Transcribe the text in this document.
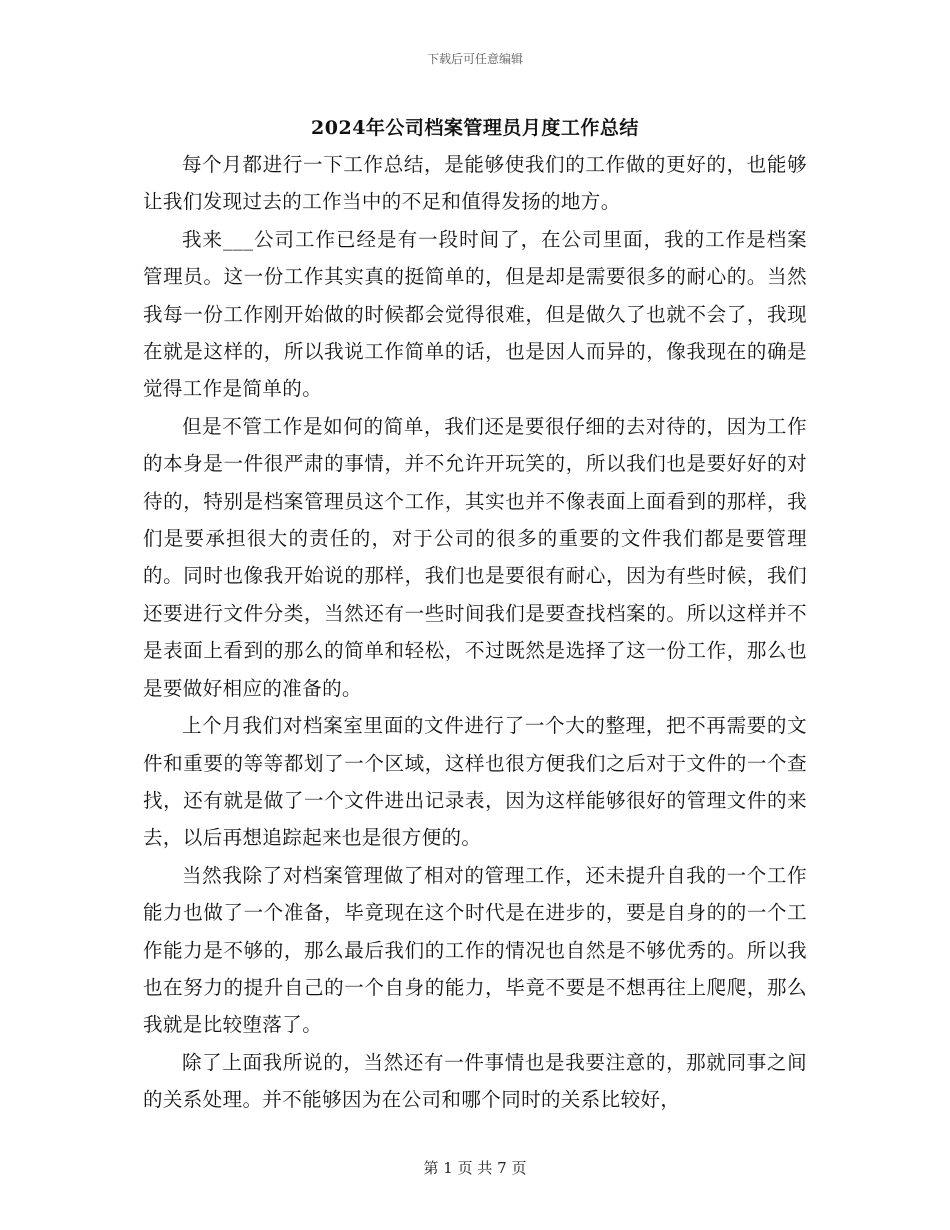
下载后可任意编辑
2024年公司档案管理员月度工作总结

每个月都进行一下工作总结，是能够使我们的工作做的更好的，也能够让我们发现过去的工作当中的不足和值得发扬的地方。

我来___公司工作已经是有一段时间了，在公司里面，我的工作是档案管理员。这一份工作其实真的挺简单的，但是却是需要很多的耐心的。当然我每一份工作刚开始做的时候都会觉得很难，但是做久了也就不会了，我现在就是这样的，所以我说工作简单的话，也是因人而异的，像我现在的确是觉得工作是简单的。

但是不管工作是如何的简单，我们还是要很仔细的去对待的，因为工作的本身是一件很严肃的事情，并不允许开玩笑的，所以我们也是要好好的对待的，特别是档案管理员这个工作，其实也并不像表面上面看到的那样，我们是要承担很大的责任的，对于公司的很多的重要的文件我们都是要管理的。同时也像我开始说的那样，我们也是要很有耐心，因为有些时候，我们还要进行文件分类，当然还有一些时间我们是要查找档案的。所以这样并不是表面上看到的那么的简单和轻松，不过既然是选择了这一份工作，那么也是要做好相应的准备的。

上个月我们对档案室里面的文件进行了一个大的整理，把不再需要的文件和重要的等等都划了一个区域，这样也很方便我们之后对于文件的一个查找，还有就是做了一个文件进出记录表，因为这样能够很好的管理文件的来去，以后再想追踪起来也是很方便的。

当然我除了对档案管理做了相对的管理工作，还未提升自我的一个工作能力也做了一个准备，毕竟现在这个时代是在进步的，要是自身的的一个工作能力是不够的，那么最后我们的工作的情况也自然是不够优秀的。所以我也在努力的提升自己的一个自身的能力，毕竟不要是不想再往上爬爬，那么我就是比较堕落了。

除了上面我所说的，当然还有一件事情也是我要注意的，那就同事之间的关系处理。并不能够因为在公司和哪个同时的关系比较好，

第 1 页 共 7 页
